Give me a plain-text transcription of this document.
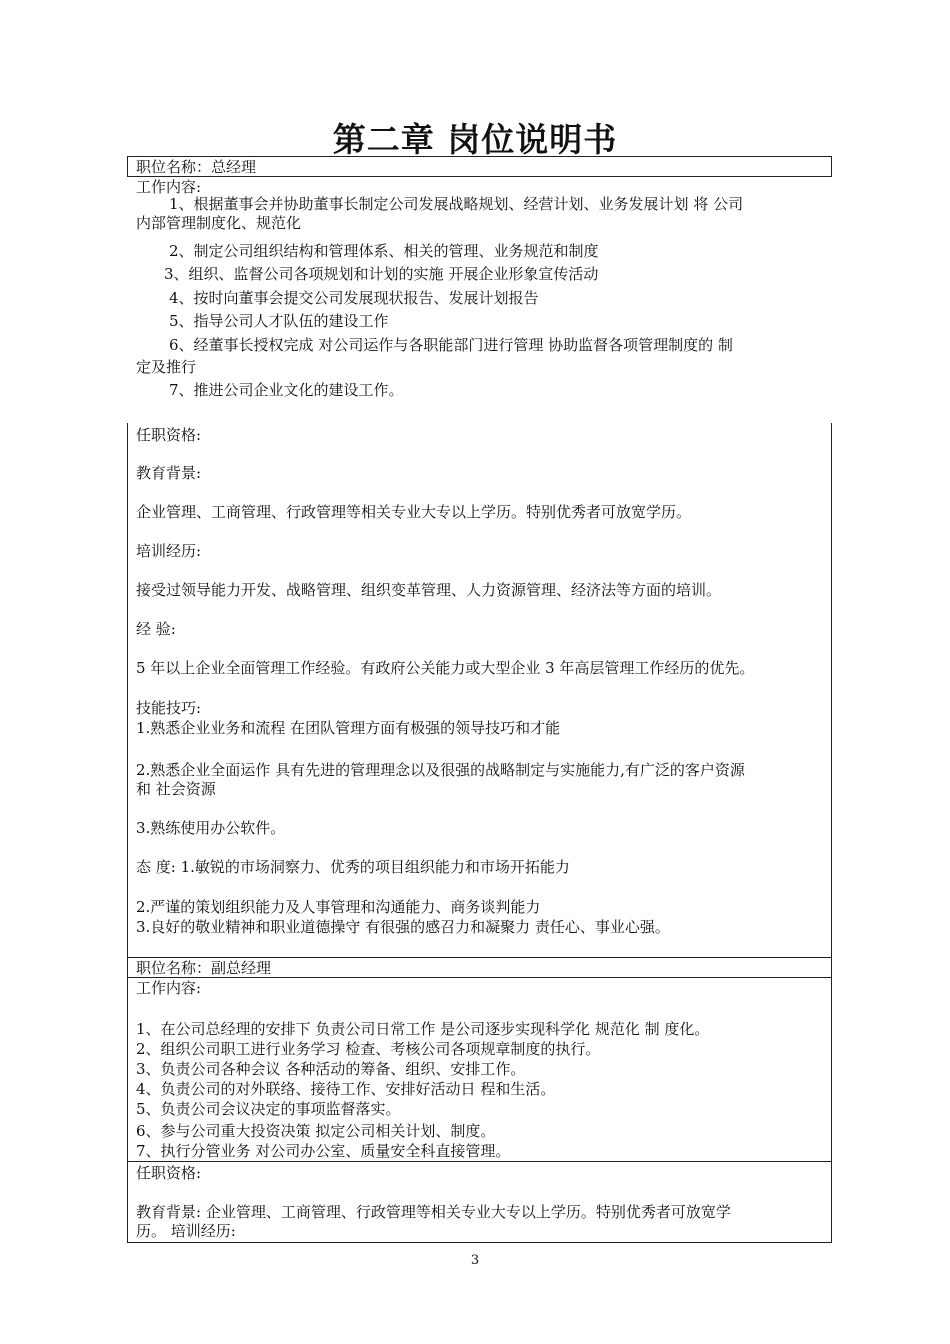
第二章 岗位说明书
职位名称：总经理
工作内容:
1、根据董事会并协助董事长制定公司发展战略规划、经营计划、业务发展计划 将 公司
内部管理制度化、规范化
2、制定公司组织结构和管理体系、相关的管理、业务规范和制度
3、组织、监督公司各项规划和计划的实施 开展企业形象宣传活动
4、按时向董事会提交公司发展现状报告、发展计划报告
5、指导公司人才队伍的建设工作
6、经董事长授权完成 对公司运作与各职能部门进行管理 协助监督各项管理制度的 制
定及推行
7、推进公司企业文化的建设工作。
任职资格:
教育背景:
企业管理、工商管理、行政管理等相关专业大专以上学历。特别优秀者可放宽学历。
培训经历:
接受过领导能力开发、战略管理、组织变革管理、人力资源管理、经济法等方面的培训。
经 验:
5 年以上企业全面管理工作经验。有政府公关能力或大型企业 3 年高层管理工作经历的优先。
技能技巧:
1.熟悉企业业务和流程 在团队管理方面有极强的领导技巧和才能
2.熟悉企业全面运作 具有先进的管理理念以及很强的战略制定与实施能力,有广泛的客户资源
和 社会资源
3.熟练使用办公软件。
态 度: 1.敏锐的市场洞察力、优秀的项目组织能力和市场开拓能力
2.严谨的策划组织能力及人事管理和沟通能力、商务谈判能力
3.良好的敬业精神和职业道德操守 有很强的感召力和凝聚力 责任心、事业心强。
职位名称：副总经理
工作内容:
1、在公司总经理的安排下 负责公司日常工作 是公司逐步实现科学化 规范化 制 度化。
2、组织公司职工进行业务学习 检查、考核公司各项规章制度的执行。
3、负责公司各种会议 各种活动的筹备、组织、安排工作。
4、负责公司的对外联络、接待工作、安排好活动日 程和生活。
5、负责公司会议决定的事项监督落实。
6、参与公司重大投资决策 拟定公司相关计划、制度。
7、执行分管业务 对公司办公室、质量安全科直接管理。
任职资格:
教育背景: 企业管理、工商管理、行政管理等相关专业大专以上学历。特别优秀者可放宽学
历。 培训经历:
3
